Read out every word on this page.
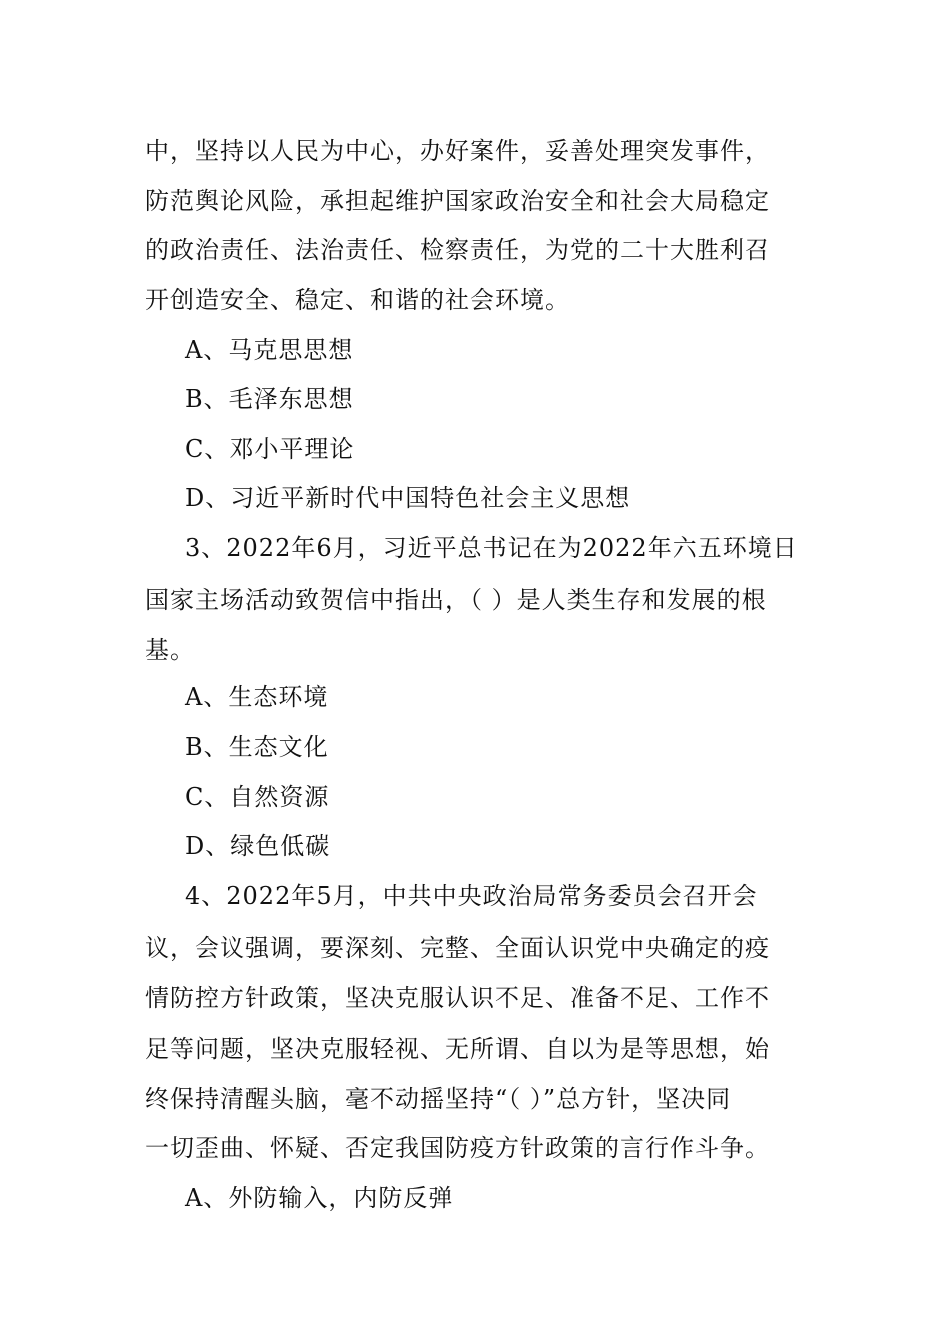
中，坚持以人民为中心，办好案件，妥善处理突发事件，
防范舆论风险，承担起维护国家政治安全和社会大局稳定
的政治责任、法治责任、检察责任，为党的二十大胜利召
开创造安全、稳定、和谐的社会环境。
A、马克思思想
B、毛泽东思想
C、邓小平理论
D、习近平新时代中国特色社会主义思想
3、2022年6月，习近平总书记在为2022年六五环境日
国家主场活动致贺信中指出，（ ）是人类生存和发展的根
基。
A、生态环境
B、生态文化
C、自然资源
D、绿色低碳
4、2022年5月，中共中央政治局常务委员会召开会
议，会议强调，要深刻、完整、全面认识党中央确定的疫
情防控方针政策，坚决克服认识不足、准备不足、工作不
足等问题，坚决克服轻视、无所谓、自以为是等思想，始
终保持清醒头脑，毫不动摇坚持“（ ）”总方针，坚决同
一切歪曲、怀疑、否定我国防疫方针政策的言行作斗争。
A、外防输入，内防反弹
